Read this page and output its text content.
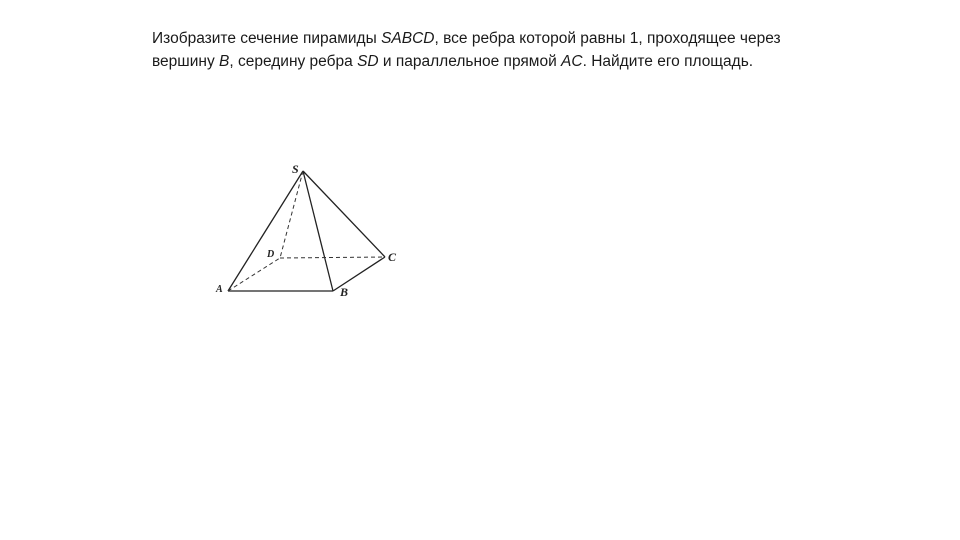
Изобразите сечение пирамиды SABCD, все ребра которой равны 1, проходящее через
вершину B, середину ребра SD и параллельное прямой AC. Найдите его площадь.

S
D	C
A	B
